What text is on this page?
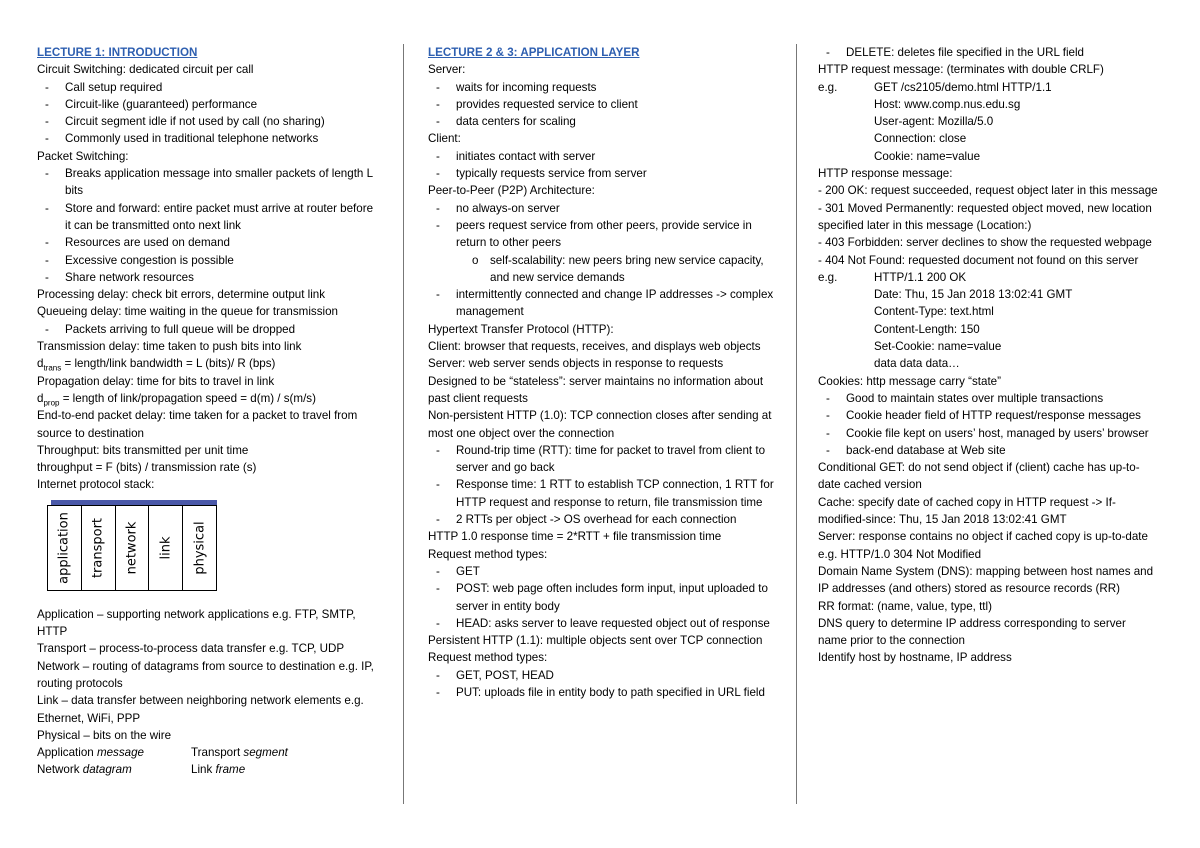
LECTURE 1: INTRODUCTION
Circuit Switching: dedicated circuit per call
- Call setup required
- Circuit-like (guaranteed) performance
- Circuit segment idle if not used by call (no sharing)
- Commonly used in traditional telephone networks
Packet Switching:
- Breaks application message into smaller packets of length L bits
- Store and forward: entire packet must arrive at router before it can be transmitted onto next link
- Resources are used on demand
- Excessive congestion is possible
- Share network resources
Processing delay: check bit errors, determine output link
Queueing delay: time waiting in the queue for transmission
- Packets arriving to full queue will be dropped
Transmission delay: time taken to push bits into link
$d_{trans}$ = length/link bandwidth = L (bits)/ R (bps)
Propagation delay: time for bits to travel in link
$d_{prop}$ = length of link/propagation speed = d(m) / s(m/s)
End-to-end packet delay: time taken for a packet to travel from source to destination
Throughput: bits transmitted per unit time
throughput = F (bits) / transmission rate (s)
Internet protocol stack:
application transport network link physical
Application – supporting network applications e.g. FTP, SMTP, HTTP
Transport – process-to-process data transfer e.g. TCP, UDP
Network – routing of datagrams from source to destination e.g. IP, routing protocols
Link – data transfer between neighboring network elements e.g. Ethernet, WiFi, PPP
Physical – bits on the wire
Application message	Transport segment
Network datagram	Link frame
LECTURE 2 & 3: APPLICATION LAYER
Server:
- waits for incoming requests
- provides requested service to client
- data centers for scaling
Client:
- initiates contact with server
- typically requests service from server
Peer-to-Peer (P2P) Architecture:
- no always-on server
- peers request service from other peers, provide service in return to other peers
o self-scalability: new peers bring new service capacity, and new service demands
- intermittently connected and change IP addresses -> complex management
Hypertext Transfer Protocol (HTTP):
Client: browser that requests, receives, and displays web objects
Server: web server sends objects in response to requests
Designed to be “stateless”: server maintains no information about past client requests
Non-persistent HTTP (1.0): TCP connection closes after sending at most one object over the connection
- Round-trip time (RTT): time for packet to travel from client to server and go back
- Response time: 1 RTT to establish TCP connection, 1 RTT for HTTP request and response to return, file transmission time
- 2 RTTs per object -> OS overhead for each connection
HTTP 1.0 response time = 2*RTT + file transmission time
Request method types:
- GET
- POST: web page often includes form input, input uploaded to server in entity body
- HEAD: asks server to leave requested object out of response
Persistent HTTP (1.1): multiple objects sent over TCP connection
Request method types:
- GET, POST, HEAD
- PUT: uploads file in entity body to path specified in URL field
- DELETE: deletes file specified in the URL field
HTTP request message: (terminates with double CRLF)
e.g.	GET /cs2105/demo.html HTTP/1.1
Host: www.comp.nus.edu.sg
User-agent: Mozilla/5.0
Connection: close
Cookie: name=value
HTTP response message:
- 200 OK: request succeeded, request object later in this message
- 301 Moved Permanently: requested object moved, new location specified later in this message (Location:)
- 403 Forbidden: server declines to show the requested webpage
- 404 Not Found: requested document not found on this server
e.g.	HTTP/1.1 200 OK
Date: Thu, 15 Jan 2018 13:02:41 GMT
Content-Type: text.html
Content-Length: 150
Set-Cookie: name=value
data data data…
Cookies: http message carry “state”
- Good to maintain states over multiple transactions
- Cookie header field of HTTP request/response messages
- Cookie file kept on users’ host, managed by users’ browser
- back-end database at Web site
Conditional GET: do not send object if (client) cache has up-to-date cached version
Cache: specify date of cached copy in HTTP request -> If-modified-since: Thu, 15 Jan 2018 13:02:41 GMT
Server: response contains no object if cached copy is up-to-date e.g. HTTP/1.0 304 Not Modified
Domain Name System (DNS): mapping between host names and IP addresses (and others) stored as resource records (RR)
RR format: (name, value, type, ttl)
DNS query to determine IP address corresponding to server name prior to the connection
Identify host by hostname, IP address
